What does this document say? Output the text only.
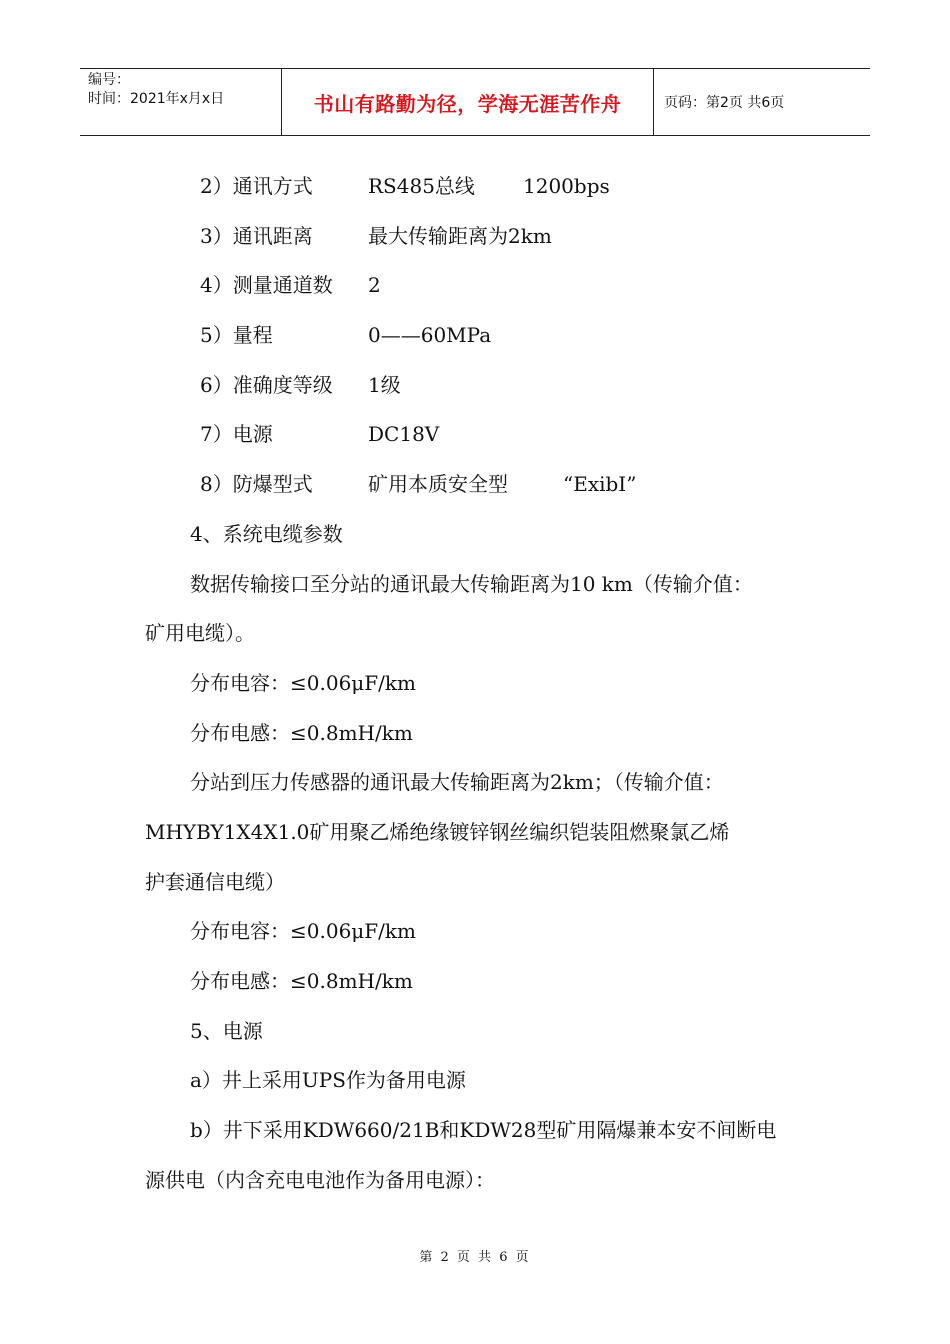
编号：
时间：2021年x月x日	书山有路勤为径，学海无涯苦作舟	页码：第2页 共6页
2）通讯方式	RS485总线 1200bps
3）通讯距离	最大传输距离为2km
4）测量通道数 2
5）量程	0——60MPa
6）准确度等级 1级
7）电源	DC18V
8）防爆型式	矿用本质安全型	“ExibI”
4、系统电缆参数
数据传输接口至分站的通讯最大传输距离为10 km（传输介值：
矿用电缆）。
分布电容：≤0.06μF/km
分布电感：≤0.8mH/km
分站到压力传感器的通讯最大传输距离为2km；（传输介值：
MHYBY1X4X1.0矿用聚乙烯绝缘镀锌钢丝编织铠装阻燃聚氯乙烯
护套通信电缆）
分布电容：≤0.06μF/km
分布电感：≤0.8mH/km
5、电源
a）井上采用UPS作为备用电源
b）井下采用KDW660/21B和KDW28型矿用隔爆兼本安不间断电
源供电（内含充电电池作为备用电源）：
第 2 页 共 6 页
